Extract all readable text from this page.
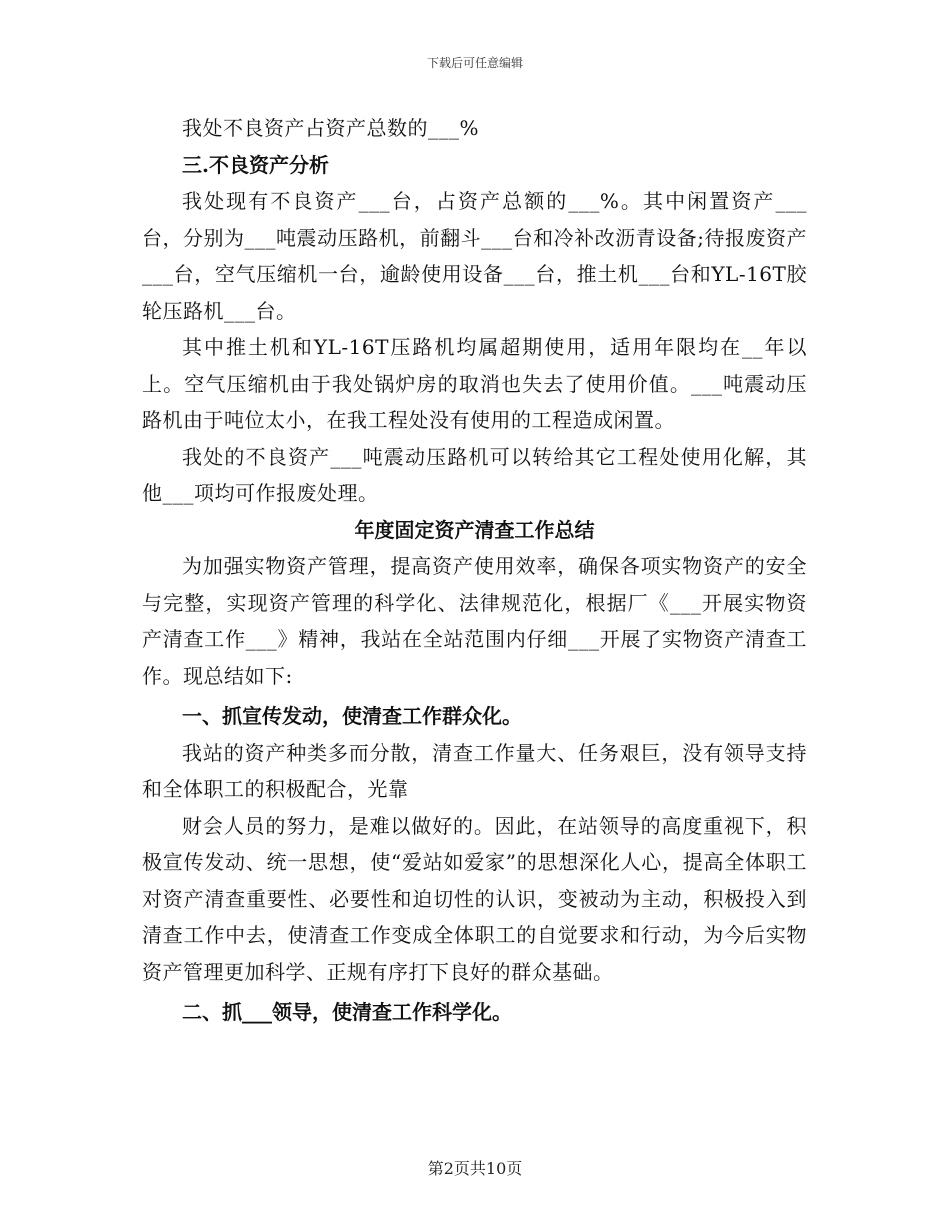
下载后可任意编辑

我处不良资产占资产总数的___%

三.不良资产分析

我处现有不良资产___台，占资产总额的___%。其中闲置资产___台，分别为___吨震动压路机，前翻斗___台和冷补改沥青设备;待报废资产___台，空气压缩机一台，逾龄使用设备___台，推土机___台和YL-16T胶轮压路机___台。

其中推土机和YL-16T压路机均属超期使用，适用年限均在__年以上。空气压缩机由于我处锅炉房的取消也失去了使用价值。___吨震动压路机由于吨位太小，在我工程处没有使用的工程造成闲置。

我处的不良资产___吨震动压路机可以转给其它工程处使用化解，其他___项均可作报废处理。

年度固定资产清查工作总结

为加强实物资产管理，提高资产使用效率，确保各项实物资产的安全与完整，实现资产管理的科学化、法律规范化，根据厂《___开展实物资产清查工作___》精神，我站在全站范围内仔细___开展了实物资产清查工作。现总结如下:

一、抓宣传发动，使清查工作群众化。

我站的资产种类多而分散，清查工作量大、任务艰巨，没有领导支持和全体职工的积极配合，光靠

财会人员的努力，是难以做好的。因此，在站领导的高度重视下，积极宣传发动、统一思想，使“爱站如爱家”的思想深化人心，提高全体职工对资产清查重要性、必要性和迫切性的认识，变被动为主动，积极投入到清查工作中去，使清查工作变成全体职工的自觉要求和行动，为今后实物资产管理更加科学、正规有序打下良好的群众基础。

二、抓___领导，使清查工作科学化。

第2页共10页
